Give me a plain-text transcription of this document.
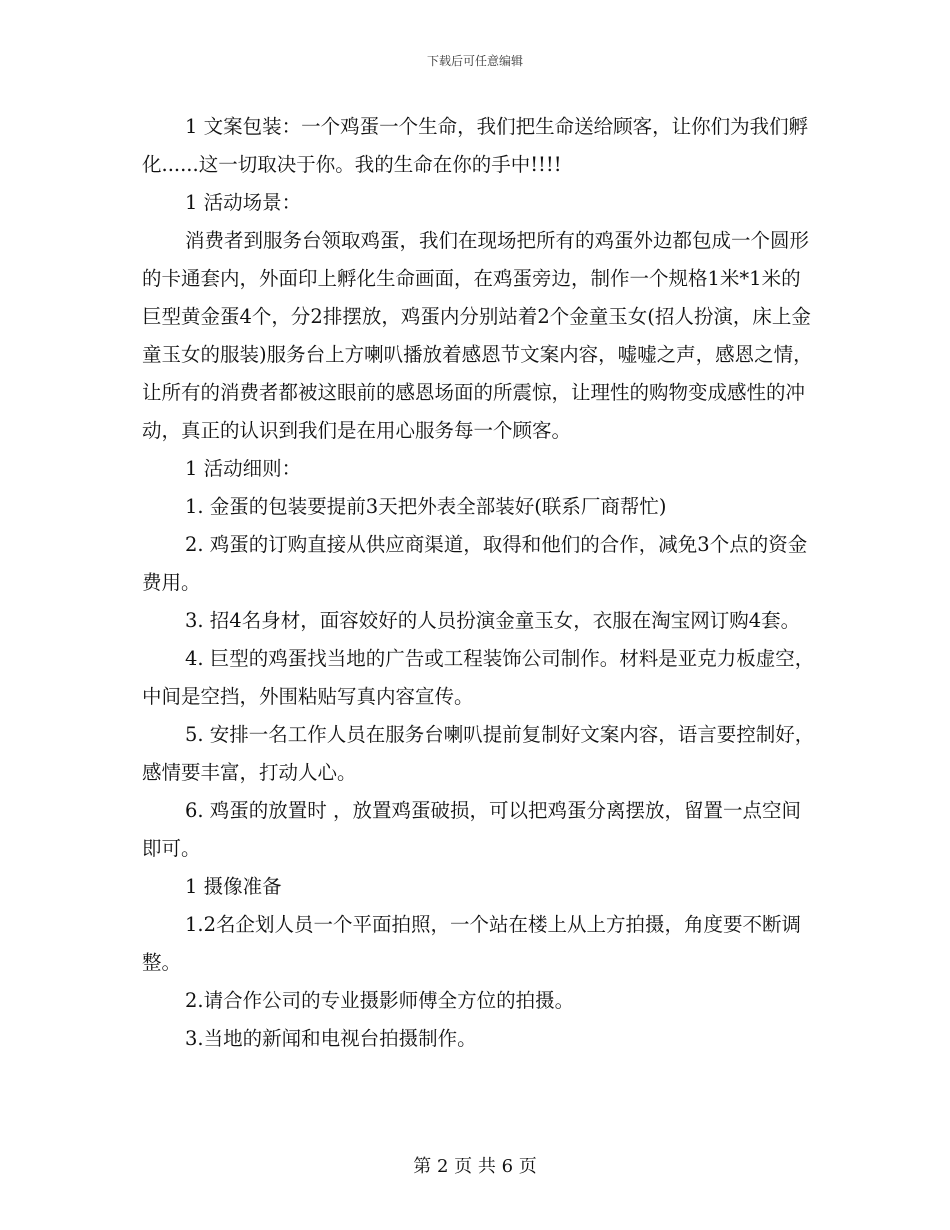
下载后可任意编辑

1 文案包装：一个鸡蛋一个生命，我们把生命送给顾客，让你们为我们孵化......这一切取决于你。我的生命在你的手中!!!!

1 活动场景：

消费者到服务台领取鸡蛋，我们在现场把所有的鸡蛋外边都包成一个圆形的卡通套内，外面印上孵化生命画面，在鸡蛋旁边，制作一个规格1米*1米的巨型黄金蛋4个，分2排摆放，鸡蛋内分别站着2个金童玉女(招人扮演，床上金童玉女的服装)服务台上方喇叭播放着感恩节文案内容，嘘嘘之声，感恩之情，让所有的消费者都被这眼前的感恩场面的所震惊，让理性的购物变成感性的冲动，真正的认识到我们是在用心服务每一个顾客。

1 活动细则：

1. 金蛋的包装要提前3天把外表全部装好(联系厂商帮忙)

2. 鸡蛋的订购直接从供应商渠道，取得和他们的合作，减免3个点的资金费用。

3. 招4名身材，面容姣好的人员扮演金童玉女，衣服在淘宝网订购4套。

4. 巨型的鸡蛋找当地的广告或工程装饰公司制作。材料是亚克力板虚空，中间是空挡，外围粘贴写真内容宣传。

5. 安排一名工作人员在服务台喇叭提前复制好文案内容，语言要控制好，感情要丰富，打动人心。

6. 鸡蛋的放置时 ，放置鸡蛋破损，可以把鸡蛋分离摆放，留置一点空间即可。

1 摄像准备

1.2名企划人员一个平面拍照，一个站在楼上从上方拍摄，角度要不断调整。

2.请合作公司的专业摄影师傅全方位的拍摄。

3.当地的新闻和电视台拍摄制作。

第 2 页 共 6 页
